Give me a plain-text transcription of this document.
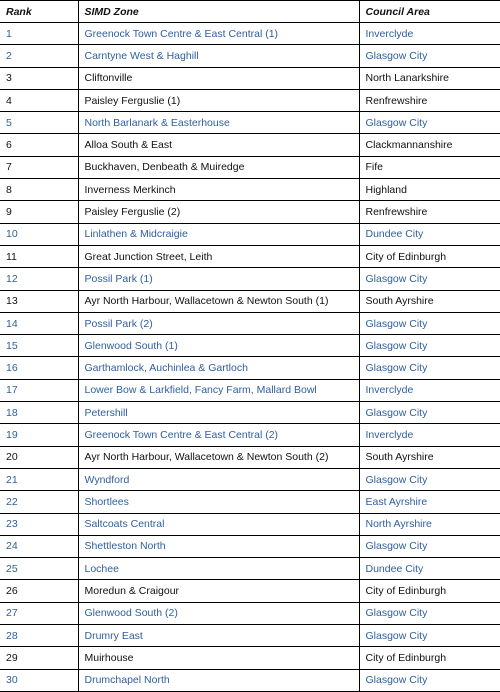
Rank	SIMD Zone	Council Area
1	Greenock Town Centre & East Central (1)	Inverclyde
2	Carntyne West & Haghill	Glasgow City
3	Cliftonville	North Lanarkshire
4	Paisley Ferguslie (1)	Renfrewshire
5	North Barlanark & Easterhouse	Glasgow City
6	Alloa South & East	Clackmannanshire
7	Buckhaven, Denbeath & Muiredge	Fife
8	Inverness Merkinch	Highland
9	Paisley Ferguslie (2)	Renfrewshire
10	Linlathen & Midcraigie	Dundee City
11	Great Junction Street, Leith	City of Edinburgh
12	Possil Park (1)	Glasgow City
13	Ayr North Harbour, Wallacetown & Newton South (1)	South Ayrshire
14	Possil Park (2)	Glasgow City
15	Glenwood South (1)	Glasgow City
16	Garthamlock, Auchinlea & Gartloch	Glasgow City
17	Lower Bow & Larkfield, Fancy Farm, Mallard Bowl	Inverclyde
18	Petershill	Glasgow City
19	Greenock Town Centre & East Central (2)	Inverclyde
20	Ayr North Harbour, Wallacetown & Newton South (2)	South Ayrshire
21	Wyndford	Glasgow City
22	Shortlees	East Ayrshire
23	Saltcoats Central	North Ayrshire
24	Shettleston North	Glasgow City
25	Lochee	Dundee City
26	Moredun & Craigour	City of Edinburgh
27	Glenwood South (2)	Glasgow City
28	Drumry East	Glasgow City
29	Muirhouse	City of Edinburgh
30	Drumchapel North	Glasgow City
